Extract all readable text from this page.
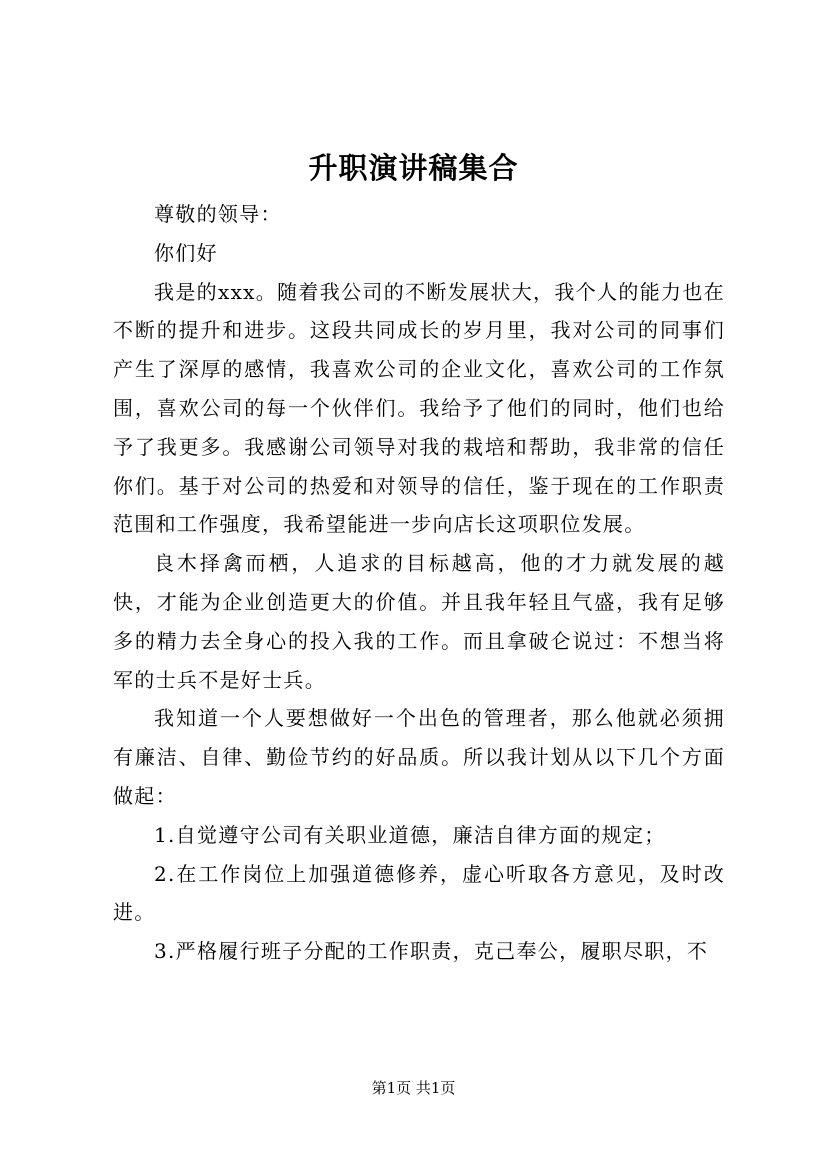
升职演讲稿集合

尊敬的领导：

你们好

我是的xxx。随着我公司的不断发展状大，我个人的能力也在不断的提升和进步。这段共同成长的岁月里，我对公司的同事们产生了深厚的感情，我喜欢公司的企业文化，喜欢公司的工作氛围，喜欢公司的每一个伙伴们。我给予了他们的同时，他们也给予了我更多。我感谢公司领导对我的栽培和帮助，我非常的信任你们。基于对公司的热爱和对领导的信任，鉴于现在的工作职责范围和工作强度，我希望能进一步向店长这项职位发展。

良木择禽而栖，人追求的目标越高，他的才力就发展的越快，才能为企业创造更大的价值。并且我年轻且气盛，我有足够多的精力去全身心的投入我的工作。而且拿破仑说过：不想当将军的士兵不是好士兵。

我知道一个人要想做好一个出色的管理者，那么他就必须拥有廉洁、自律、勤俭节约的好品质。所以我计划从以下几个方面做起：

1.自觉遵守公司有关职业道德，廉洁自律方面的规定；

2.在工作岗位上加强道德修养，虚心听取各方意见，及时改进。

3.严格履行班子分配的工作职责，克己奉公，履职尽职，不

第1页 共1页
